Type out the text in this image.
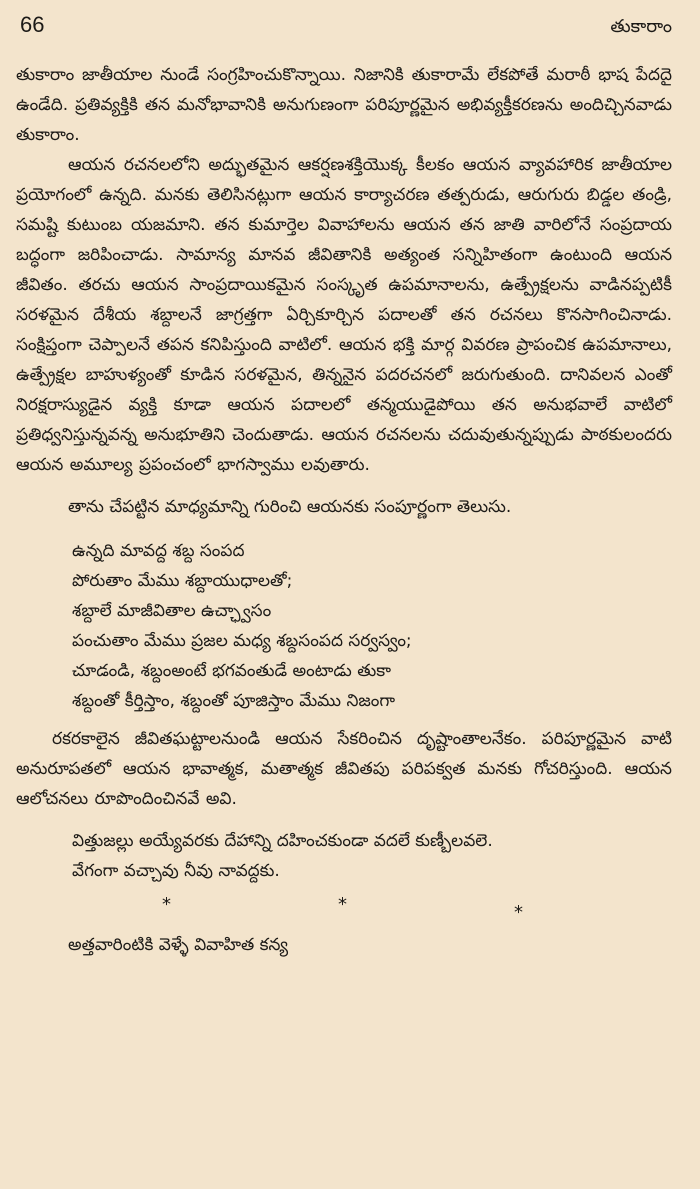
66	తుకారాం

తుకారాం జాతీయాల నుండే సంగ్రహించుకొన్నాయి. నిజానికి తుకారామే లేకపోతే మరాఠీ భాష పేదదై ఉండేది. ప్రతివ్యక్తికి తన మనోభావానికి అనుగుణంగా పరిపూర్ణమైన అభివ్యక్తీకరణను అందిచ్చినవాడు తుకారాం.

ఆయన రచనలలోని అద్భుతమైన ఆకర్షణశక్తియొక్క కీలకం ఆయన వ్యావహారిక జాతీయాల ప్రయోగంలో ఉన్నది. మనకు తెలిసినట్లుగా ఆయన కార్యాచరణ తత్పరుడు, ఆరుగురు బిడ్డల తండ్రి, సమష్టి కుటుంబ యజమాని. తన కుమార్తెల వివాహాలను ఆయన తన జాతి వారిలోనే సంప్రదాయ బద్ధంగా జరిపించాడు. సామాన్య మానవ జీవితానికి అత్యంత సన్నిహితంగా ఉంటుంది ఆయన జీవితం. తరచు ఆయన సాంప్రదాయికమైన సంస్కృత ఉపమానాలను, ఉత్ప్రేక్షలను వాడినప్పటికీ సరళమైన దేశీయ శబ్దాలనే జాగ్రత్తగా ఏర్చికూర్చిన పదాలతో తన రచనలు కొనసాగించినాడు. సంక్షిప్తంగా చెప్పాలనే తపన కనిపిస్తుంది వాటిలో. ఆయన భక్తి మార్గ వివరణ ప్రాపంచిక ఉపమానాలు, ఉత్ప్రేక్షల బాహుళ్యంతో కూడిన సరళమైన, తిన్ననైన పదరచనలో జరుగుతుంది. దానివలన ఎంతో నిరక్షరాస్యుడైన వ్యక్తి కూడా ఆయన పదాలలో తన్మయుడైపోయి తన అనుభవాలే వాటిలో ప్రతిధ్వనిస్తున్నవన్న అనుభూతిని చెందుతాడు. ఆయన రచనలను చదువుతున్నప్పుడు పాఠకులందరు ఆయన అమూల్య ప్రపంచంలో భాగస్వాము లవుతారు.

తాను చేపట్టిన మాధ్యమాన్ని గురించి ఆయనకు సంపూర్ణంగా తెలుసు.
ఉన్నది మావద్ద శబ్ద సంపద
పోరుతాం మేము శబ్దాయుధాలతో;
శబ్దాలే మాజీవితాల ఉచ్ఛ్వాసం
పంచుతాం మేము ప్రజల మధ్య శబ్దసంపద సర్వస్వం;
చూడండి, శబ్దంఅంటే భగవంతుడే అంటాడు తుకా
శబ్దంతో కీర్తిస్తాం, శబ్దంతో పూజిస్తాం మేము నిజంగా

రకరకాలైన జీవితఘట్టాలనుండి ఆయన సేకరించిన దృష్టాంతాలనేకం. పరిపూర్ణమైన వాటి అనురూపతలో ఆయన భావాత్మక, మతాత్మక జీవితపు పరిపక్వత మనకు గోచరిస్తుంది. ఆయన ఆలోచనలు రూపొందించినవే అవి.

విత్తుజల్లు అయ్యేవరకు దేహాన్ని దహించకుండా వదలే కుణ్బీలవలె.
వేగంగా వచ్చావు నీవు నావద్దకు.
*	*	*
అత్తవారింటికి వెళ్ళే వివాహిత కన్య
